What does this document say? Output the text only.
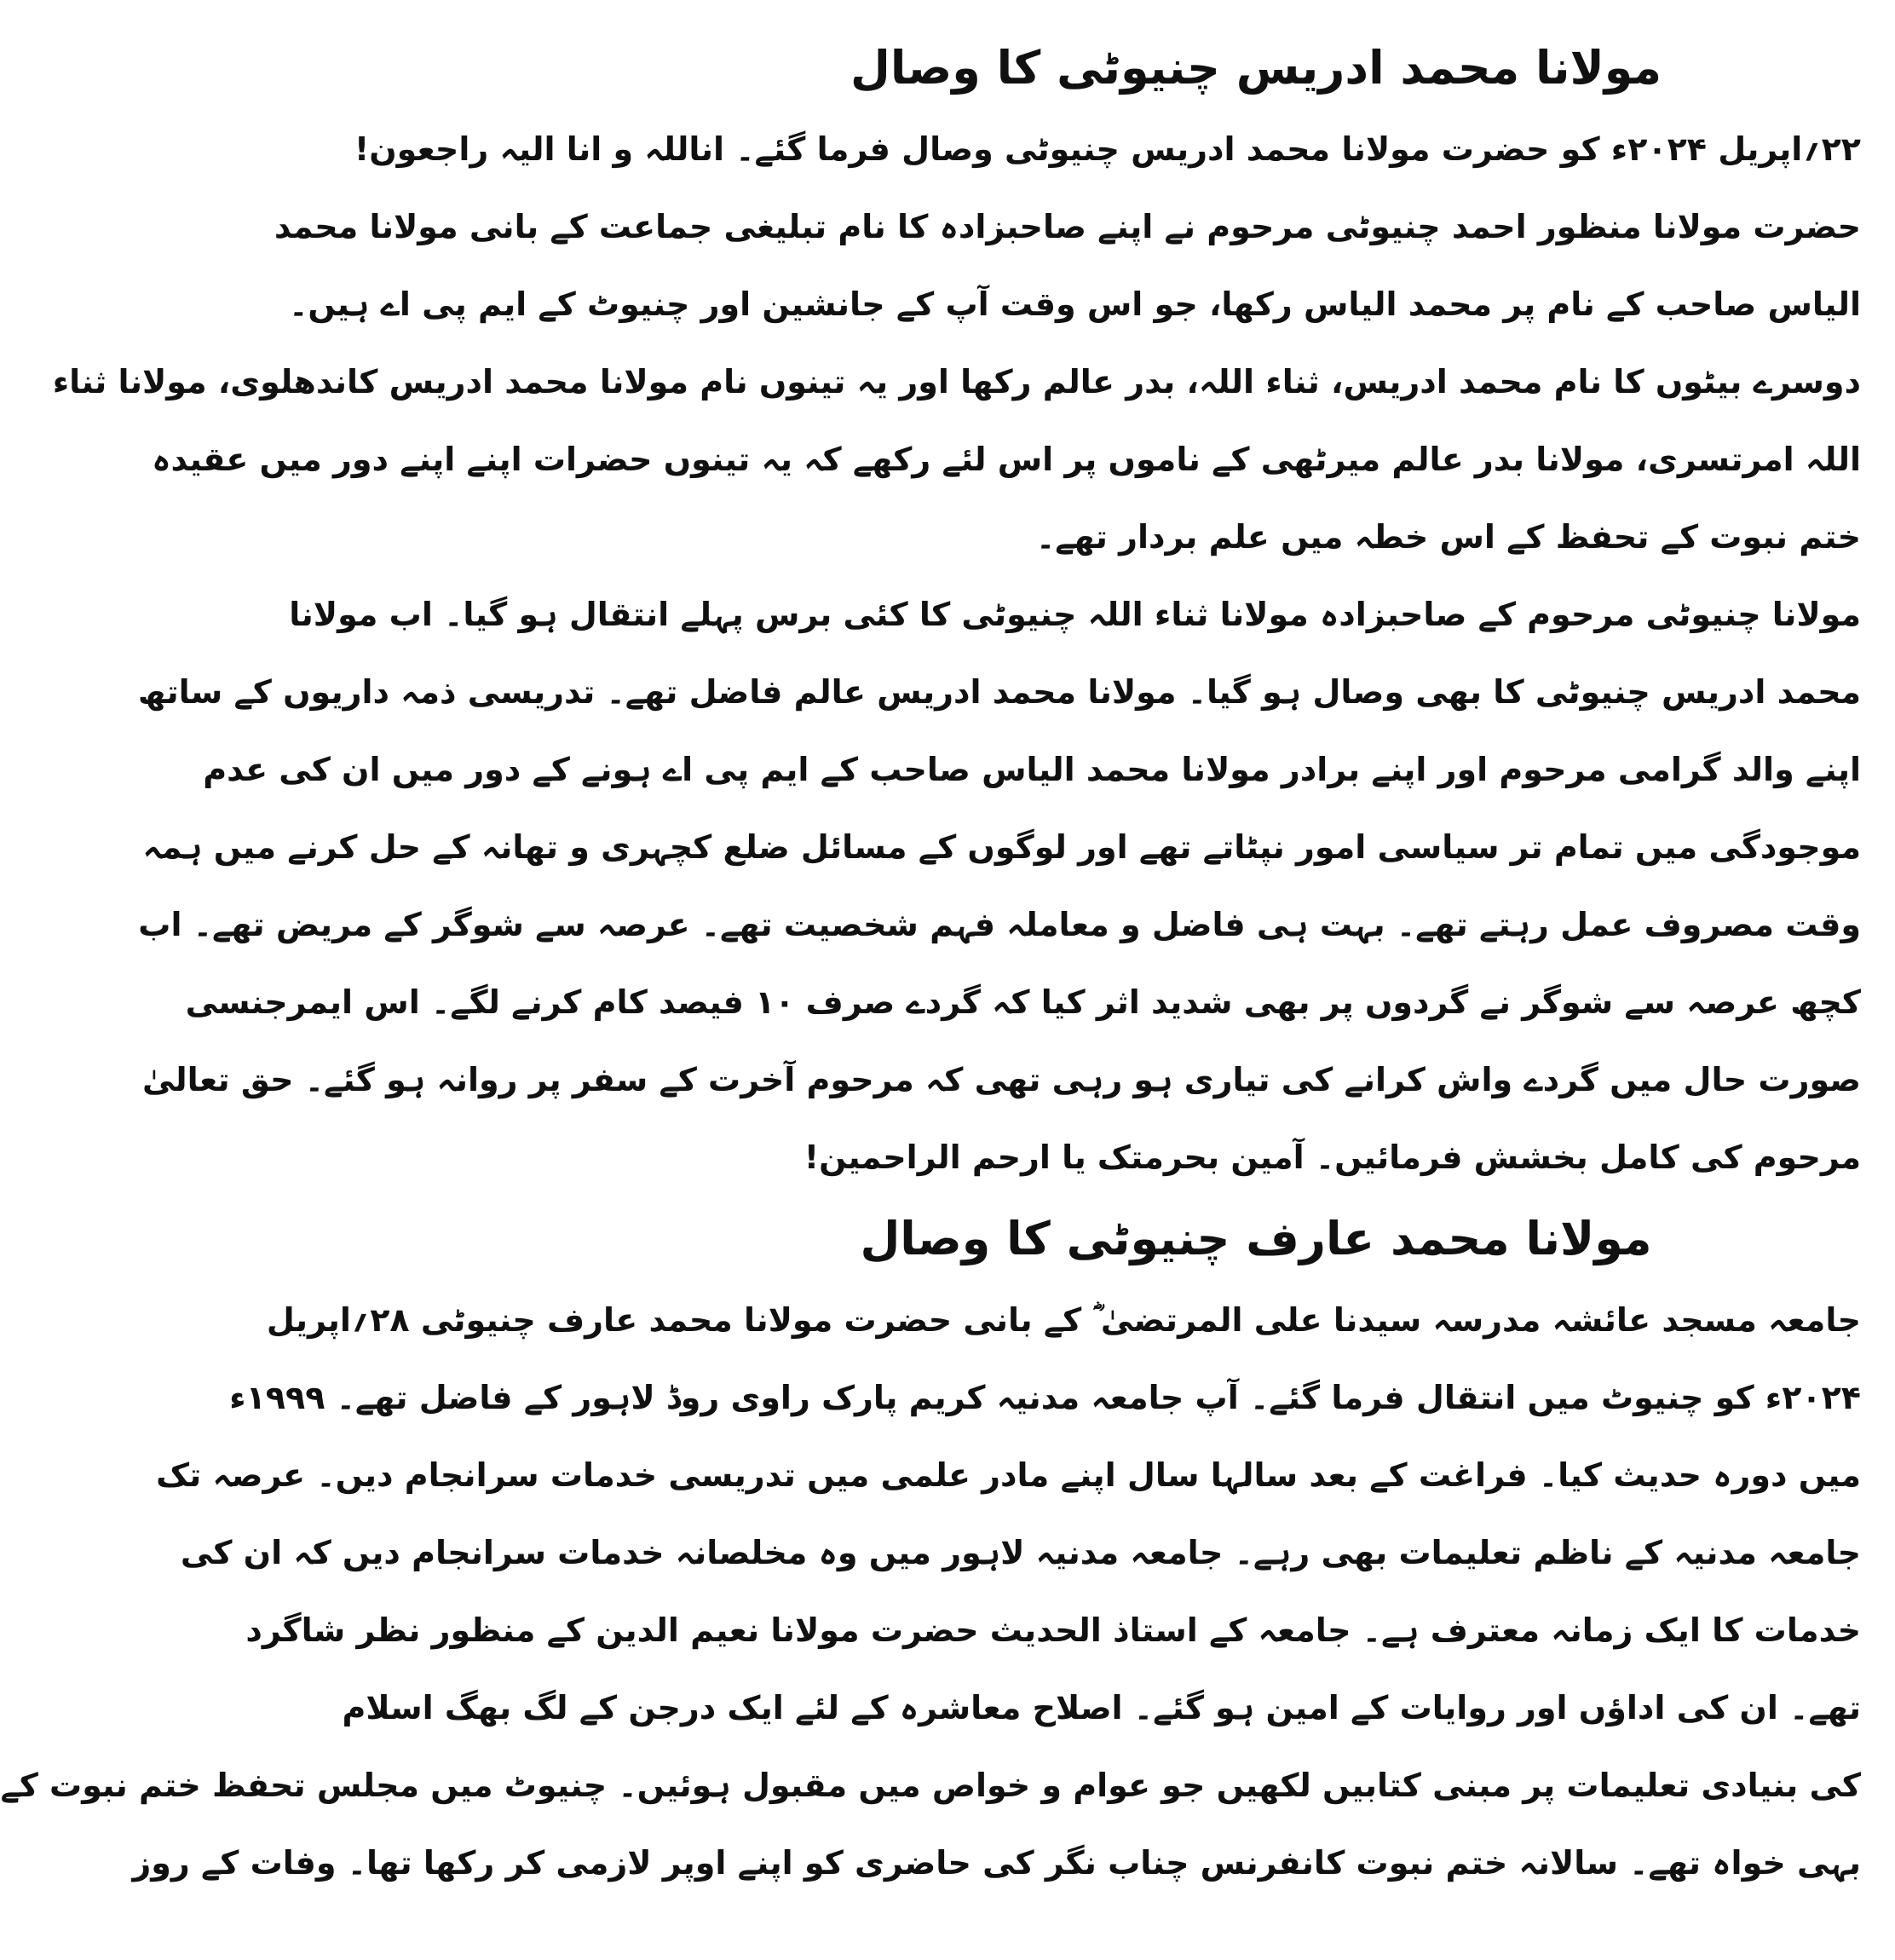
مولانا محمد ادریس چنیوٹی کا وصال
۲۲؍اپریل ۲۰۲۴ء کو حضرت مولانا محمد ادریس چنیوٹی وصال فرما گئے۔ اناللہ و انا الیہ راجعون!
حضرت مولانا منظور احمد چنیوٹی مرحوم نے اپنے صاحبزادہ کا نام تبلیغی جماعت کے بانی مولانا محمد
الیاس صاحب کے نام پر محمد الیاس رکھا، جو اس وقت آپ کے جانشین اور چنیوٹ کے ایم پی اے ہیں۔
دوسرے بیٹوں کا نام محمد ادریس، ثناء اللہ، بدر عالم رکھا اور یہ تینوں نام مولانا محمد ادریس کاندھلوی، مولانا ثناء
اللہ امرتسری، مولانا بدر عالم میرٹھی کے ناموں پر اس لئے رکھے کہ یہ تینوں حضرات اپنے اپنے دور میں عقیدہ
ختم نبوت کے تحفظ کے اس خطہ میں علم بردار تھے۔
مولانا چنیوٹی مرحوم کے صاحبزادہ مولانا ثناء اللہ چنیوٹی کا کئی برس پہلے انتقال ہو گیا۔ اب مولانا
محمد ادریس چنیوٹی کا بھی وصال ہو گیا۔ مولانا محمد ادریس عالم فاضل تھے۔ تدریسی ذمہ داریوں کے ساتھ
اپنے والد گرامی مرحوم اور اپنے برادر مولانا محمد الیاس صاحب کے ایم پی اے ہونے کے دور میں ان کی عدم
موجودگی میں تمام تر سیاسی امور نپٹاتے تھے اور لوگوں کے مسائل ضلع کچہری و تھانہ کے حل کرنے میں ہمہ
وقت مصروف عمل رہتے تھے۔ بہت ہی فاضل و معاملہ فہم شخصیت تھے۔ عرصہ سے شوگر کے مریض تھے۔ اب
کچھ عرصہ سے شوگر نے گردوں پر بھی شدید اثر کیا کہ گردے صرف ۱۰ فیصد کام کرنے لگے۔ اس ایمرجنسی
صورت حال میں گردے واش کرانے کی تیاری ہو رہی تھی کہ مرحوم آخرت کے سفر پر روانہ ہو گئے۔ حق تعالیٰ
مرحوم کی کامل بخشش فرمائیں۔ آمین بحرمتک یا ارحم الراحمین!
مولانا محمد عارف چنیوٹی کا وصال
جامعہ مسجد عائشہ مدرسہ سیدنا علی المرتضیٰ ؓ کے بانی حضرت مولانا محمد عارف چنیوٹی ۲۸؍اپریل
۲۰۲۴ء کو چنیوٹ میں انتقال فرما گئے۔ آپ جامعہ مدنیہ کریم پارک راوی روڈ لاہور کے فاضل تھے۔ ۱۹۹۹ء
میں دورہ حدیث کیا۔ فراغت کے بعد سالہا سال اپنے مادر علمی میں تدریسی خدمات سرانجام دیں۔ عرصہ تک
جامعہ مدنیہ کے ناظم تعلیمات بھی رہے۔ جامعہ مدنیہ لاہور میں وہ مخلصانہ خدمات سرانجام دیں کہ ان کی
خدمات کا ایک زمانہ معترف ہے۔ جامعہ کے استاذ الحدیث حضرت مولانا نعیم الدین کے منظور نظر شاگرد
تھے۔ ان کی اداؤں اور روایات کے امین ہو گئے۔ اصلاح معاشرہ کے لئے ایک درجن کے لگ بھگ اسلام
کی بنیادی تعلیمات پر مبنی کتابیں لکھیں جو عوام و خواص میں مقبول ہوئیں۔ چنیوٹ میں مجلس تحفظ ختم نبوت کے
بہی خواہ تھے۔ سالانہ ختم نبوت کانفرنس چناب نگر کی حاضری کو اپنے اوپر لازمی کر رکھا تھا۔ وفات کے روز
